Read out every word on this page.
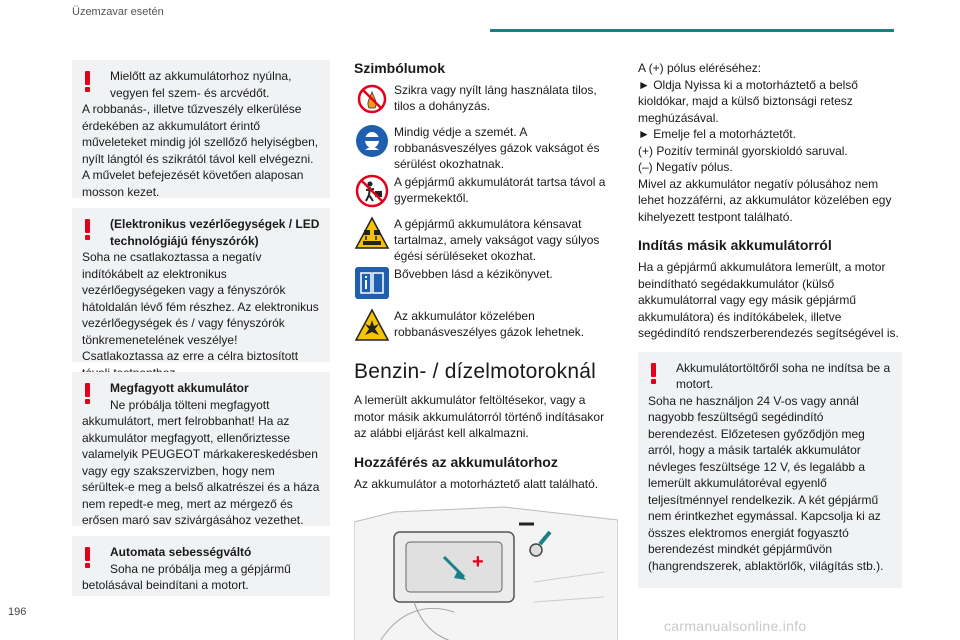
Üzemzavar esetén
Mielőtt az akkumulátorhoz nyúlna, vegyen fel szem- és arcvédőt.
A robbanás-, illetve tűzveszély elkerülése érdekében az akkumulátort érintő műveleteket mindig jól szellőző helyiségben, nyílt lángtól és szikrától távol kell elvégezni. A művelet befejezését követően alaposan mosson kezet.
(Elektronikus vezérlőegységek / LED technológiájú fényszórók)
Soha ne csatlakoztassa a negatív indítókábelt az elektronikus vezérlőegységeken vagy a fényszórók hátoldalán lévő fém részhez. Az elektronikus vezérlőegységek és / vagy fényszórók tönkremenetelének veszélye! Csatlakoztassa az erre a célra biztosított
Megfagyott akkumulátor
Ne próbálja tölteni megfagyott
akkumulátort, mert felrobbanhat! Ha az akkumulátor megfagyott, ellenőriztesse valamelyik PEUGEOT márkakereskedésben vagy egy szakszervizben, hogy nem sérültek-e meg a belső alkatrészei és a háza nem repedt-e meg, mert az mérgező és erősen maró sav szivárgásához vezethet.
Automata sebességváltó
Soha ne próbálja meg a gépjármű
betolásával beindítani a motort.
Szimbólumok
Szikra vagy nyílt láng használata tilos, tilos a dohányzás.
Mindig védje a szemét. A robbanásveszélyes gázok vakságot és sérülést okozhatnak.
A gépjármű akkumulátorát tartsa távol a gyermekektől.
A gépjármű akkumulátora kénsavat tartalmaz, amely vakságot vagy súlyos égési sérüléseket okozhat.
Bővebben lásd a kézikönyvet.
Az akkumulátor közelében robbanásveszélyes gázok lehetnek.
Benzin- / dízelmotoroknál

A lemerült akkumulátor feltöltésekor, vagy a motor másik akkumulátorról történő indításakor az alábbi eljárást kell alkalmazni.

Hozzáférés az akkumulátorhoz

Az akkumulátor a motorháztető alatt található.

+
–
A (+) pólus eléréséhez:
► Oldja Nyissa ki a motorháztető a belső kioldókar, majd a külső biztonsági retesz meghúzásával.
► Emelje fel a motorháztetőt.
(+) Pozitív terminál gyorskioldó saruval.
(–) Negatív pólus.
Mivel az akkumulátor negatív pólusához nem lehet hozzáférni, az akkumulátor közelében egy kihelyezett testpont található.
Indítás másik akkumulátorról

Ha a gépjármű akkumulátora lemerült, a motor beindítható segédakkumulátor (külső akkumulátorral vagy egy másik gépjármű akkumulátora) és indítókábelek, illetve segédindító rendszerberendezés segítségével is.

Akkumulátortöltőről soha ne indítsa be a motort.
Soha ne használjon 24 V-os vagy annál nagyobb feszültségű segédindító berendezést. Előzetesen győződjön meg arról, hogy a másik tartalék akkumulátor névleges feszültsége 12 V, és legalább a lemerült akkumulátoréval egyenlő teljesítménnyel rendelkezik. A két gépjármű nem érintkezhet egymással. Kapcsolja ki az összes elektromos energiát fogyasztó berendezést mindkét gépjárművön (hangrendszerek, ablaktörlők, világítás stb.).
196
carmanualsonline.info
